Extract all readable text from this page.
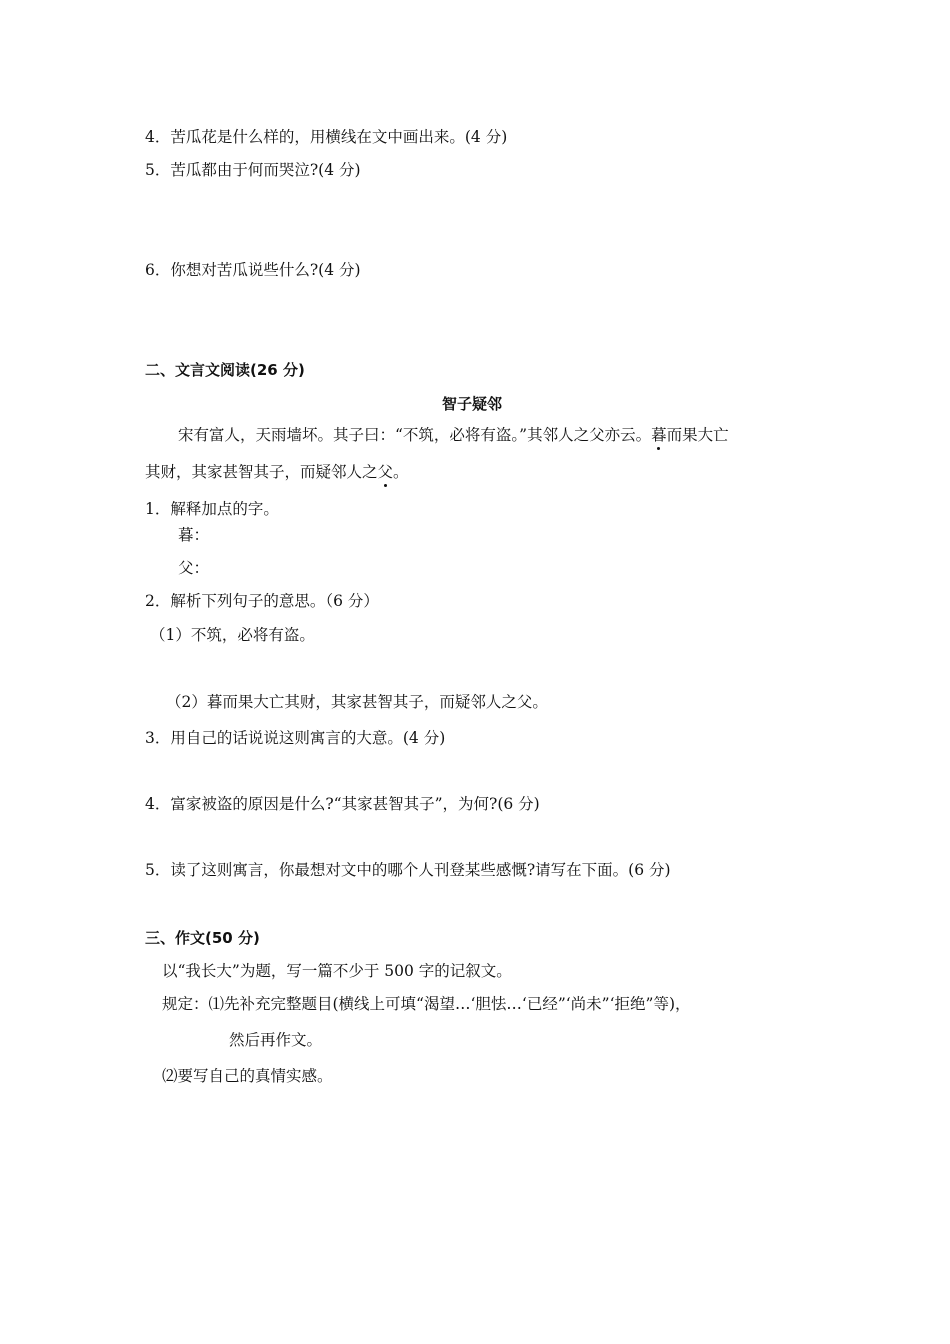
4．苦瓜花是什么样的，用横线在文中画出来。(4 分)
5．苦瓜都由于何而哭泣?(4 分)
6．你想对苦瓜说些什么?(4 分)
二、文言文阅读(26 分)
智子疑邻
宋有富人，天雨墙坏。其子曰：“不筑，必将有盗。”其邻人之父亦云。暮而果大亡
其财，其家甚智其子，而疑邻人之父。
1．解释加点的字。
暮：
父：
2．解析下列句子的意思。（6 分）
（1）不筑，必将有盗。
（2）暮而果大亡其财，其家甚智其子，而疑邻人之父。
3．用自己的话说说这则寓言的大意。(4 分)
4．富家被盗的原因是什么?“其家甚智其子”，为何?(6 分)
5．读了这则寓言，你最想对文中的哪个人刊登某些感慨?请写在下面。(6 分)
三、作文(50 分)
以“我长大”为题，写一篇不少于 500 字的记叙文。
规定：⑴先补充完整题目(横线上可填“渴望…‘胆怯…‘已经”‘尚未”‘拒绝”等)，
然后再作文。
⑵要写自己的真情实感。
